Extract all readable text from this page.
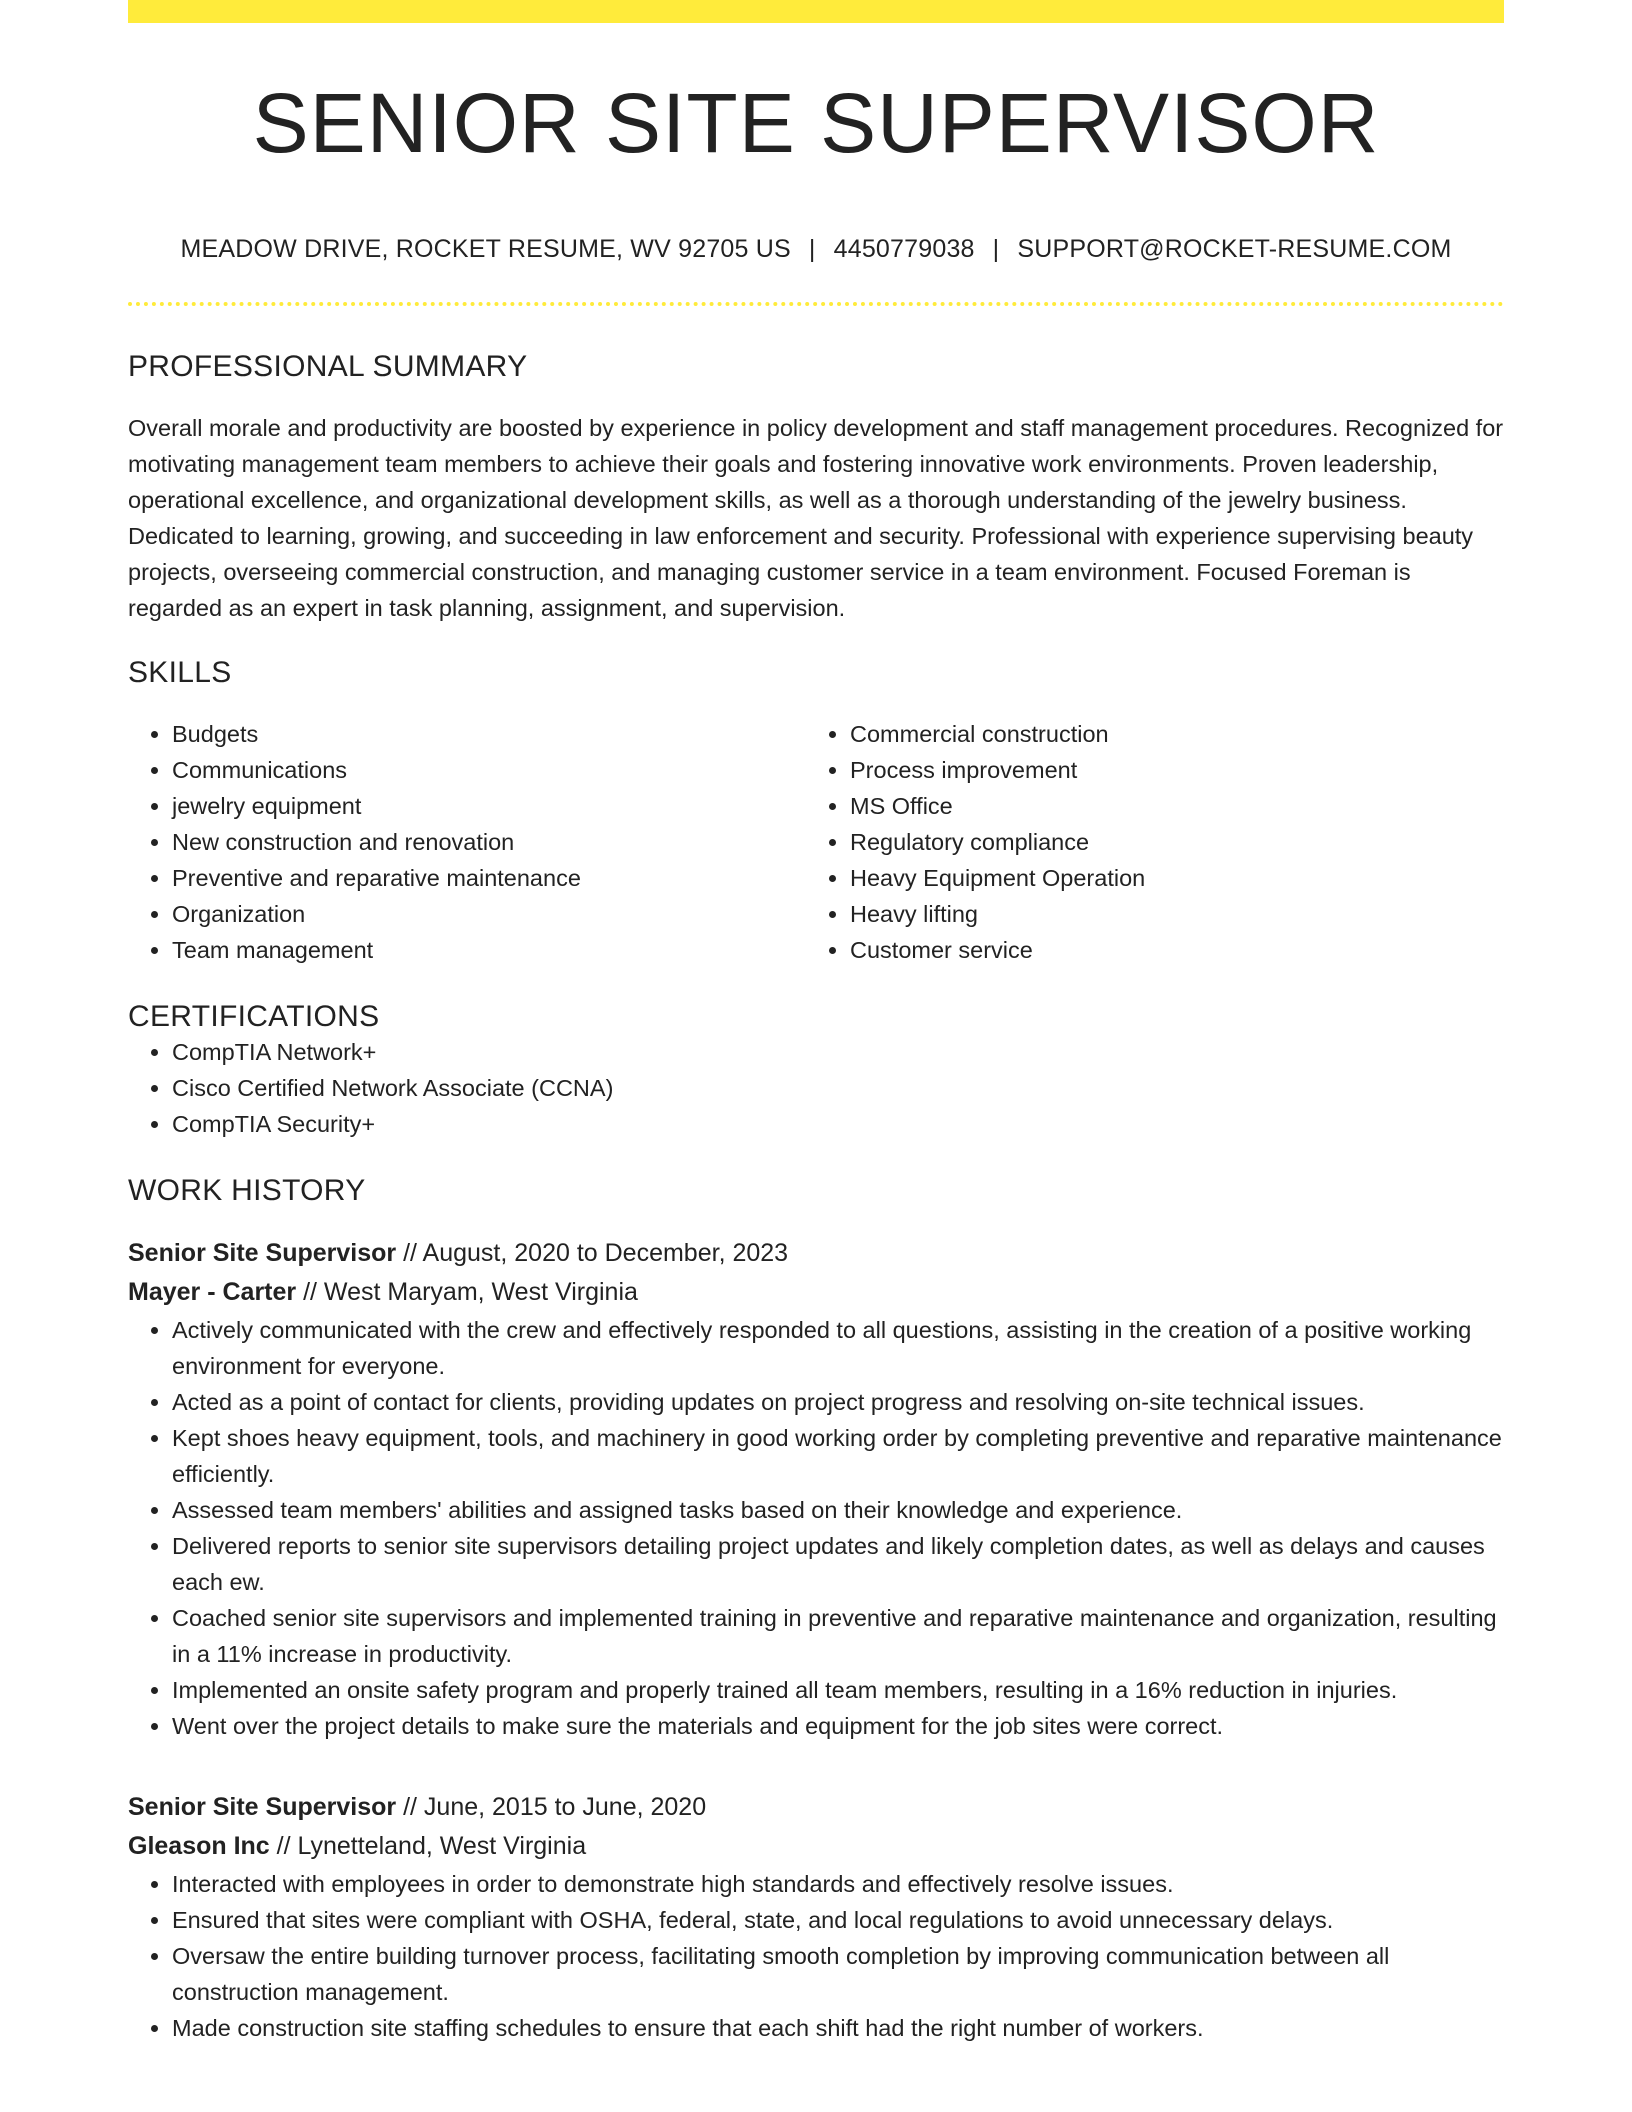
SENIOR SITE SUPERVISOR
MEADOW DRIVE, ROCKET RESUME, WV 92705 US | 4450779038 | SUPPORT@ROCKET-RESUME.COM
PROFESSIONAL SUMMARY

Overall morale and productivity are boosted by experience in policy development and staff management procedures. Recognized for motivating management team members to achieve their goals and fostering innovative work environments. Proven leadership, operational excellence, and organizational development skills, as well as a thorough understanding of the jewelry business. Dedicated to learning, growing, and succeeding in law enforcement and security. Professional with experience supervising beauty projects, overseeing commercial construction, and managing customer service in a team environment. Focused Foreman is regarded as an expert in task planning, assignment, and supervision.

SKILLS
• Budgets
• Communications
• jewelry equipment
• New construction and renovation
• Preventive and reparative maintenance
• Organization
• Team management
• Commercial construction
• Process improvement
• MS Office
• Regulatory compliance
• Heavy Equipment Operation
• Heavy lifting
• Customer service
CERTIFICATIONS
• CompTIA Network+
• Cisco Certified Network Associate (CCNA)
• CompTIA Security+
WORK HISTORY
Senior Site Supervisor // August, 2020 to December, 2023
Mayer - Carter // West Maryam, West Virginia
• Actively communicated with the crew and effectively responded to all questions, assisting in the creation of a positive working environment for everyone.
• Acted as a point of contact for clients, providing updates on project progress and resolving on-site technical issues.
• Kept shoes heavy equipment, tools, and machinery in good working order by completing preventive and reparative maintenance efficiently.
• Assessed team members' abilities and assigned tasks based on their knowledge and experience.
• Delivered reports to senior site supervisors detailing project updates and likely completion dates, as well as delays and causes each ew.
• Coached senior site supervisors and implemented training in preventive and reparative maintenance and organization, resulting in a 11% increase in productivity.
• Implemented an onsite safety program and properly trained all team members, resulting in a 16% reduction in injuries.
• Went over the project details to make sure the materials and equipment for the job sites were correct.
Senior Site Supervisor // June, 2015 to June, 2020
Gleason Inc // Lynetteland, West Virginia
• Interacted with employees in order to demonstrate high standards and effectively resolve issues.
• Ensured that sites were compliant with OSHA, federal, state, and local regulations to avoid unnecessary delays.
• Oversaw the entire building turnover process, facilitating smooth completion by improving communication between all construction management.
• Made construction site staffing schedules to ensure that each shift had the right number of workers.
